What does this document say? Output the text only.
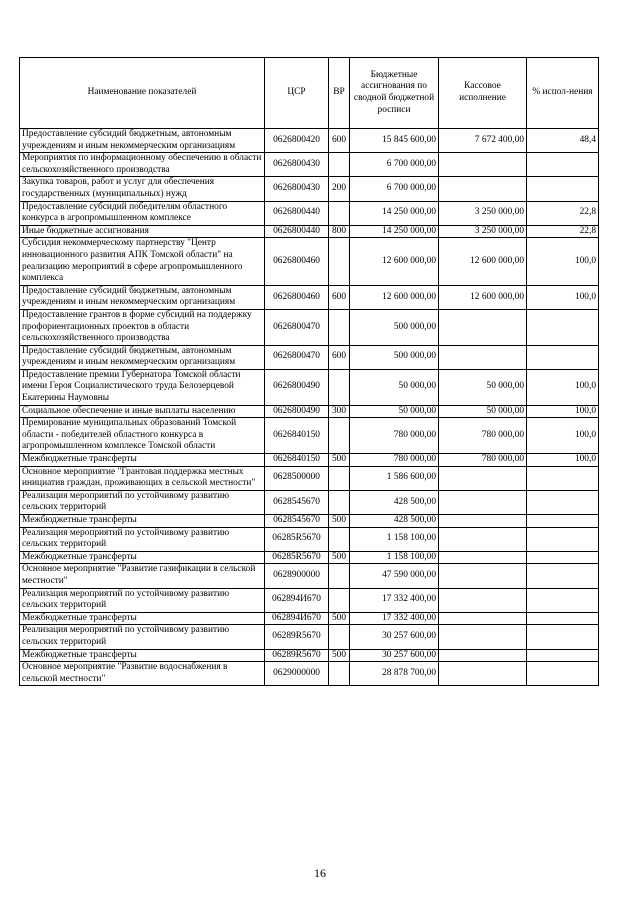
Наименование показателей	ЦСР	ВР	Бюджетные ассигнования по сводной бюджетной росписи	Кассовое исполнение	% испол-нения
Предоставление субсидий бюджетным, автономным учреждениям и иным некоммерческим организациям	0626800420	600	15 845 600,00	7 672 400,00	48,4
Мероприятия по информационному обеспечению в области сельскохозяйственного производства	0626800430		6 700 000,00		
Закупка товаров, работ и услуг для обеспечения государственных (муниципальных) нужд	0626800430	200	6 700 000,00		
Предоставление субсидий победителям областного конкурса в агропромышленном комплексе	0626800440		14 250 000,00	3 250 000,00	22,8
Иные бюджетные ассигнования	0626800440	800	14 250 000,00	3 250 000,00	22,8
Субсидия некоммерческому партнерству "Центр инновационного развития АПК Томской области" на реализацию мероприятий в сфере агропромышленного комплекса	0626800460		12 600 000,00	12 600 000,00	100,0
Предоставление субсидий бюджетным, автономным учреждениям и иным некоммерческим организациям	0626800460	600	12 600 000,00	12 600 000,00	100,0
Предоставление грантов в форме субсидий на поддержку профориентационных проектов в области сельскохозяйственного производства	0626800470		500 000,00		
Предоставление субсидий бюджетным, автономным учреждениям и иным некоммерческим организациям	0626800470	600	500 000,00		
Предоставление премии Губернатора Томской области имени Героя Социалистического труда Белозерцевой Екатерины Наумовны	0626800490		50 000,00	50 000,00	100,0
Социальное обеспечение и иные выплаты населению	0626800490	300	50 000,00	50 000,00	100,0
Премирование муниципальных образований Томской области - победителей областного конкурса в агропромышленном комплексе Томской области	0626840150		780 000,00	780 000,00	100,0
Межбюджетные трансферты	0626840150	500	780 000,00	780 000,00	100,0
Основное мероприятие "Грантовая поддержка местных инициатив граждан, проживающих в сельской местности"	0628500000		1 586 600,00		
Реализация мероприятий по устойчивому развитию сельских территорий	0628545670		428 500,00		
Межбюджетные трансферты	0628545670	500	428 500,00		
Реализация мероприятий по устойчивому развитию сельских территорий	06285R5670		1 158 100,00		
Межбюджетные трансферты	06285R5670	500	1 158 100,00		
Основное мероприятие "Развитие газификации в сельской местности"	0628900000		47 590 000,00		
Реализация мероприятий по устойчивому развитию сельских территорий	062894И670		17 332 400,00		
Межбюджетные трансферты	062894И670	500	17 332 400,00		
Реализация мероприятий по устойчивому развитию сельских территорий	06289R5670		30 257 600,00		
Межбюджетные трансферты	06289R5670	500	30 257 600,00		
Основное мероприятие "Развитие водоснабжения в сельской местности"	0629000000		28 878 700,00		
16
